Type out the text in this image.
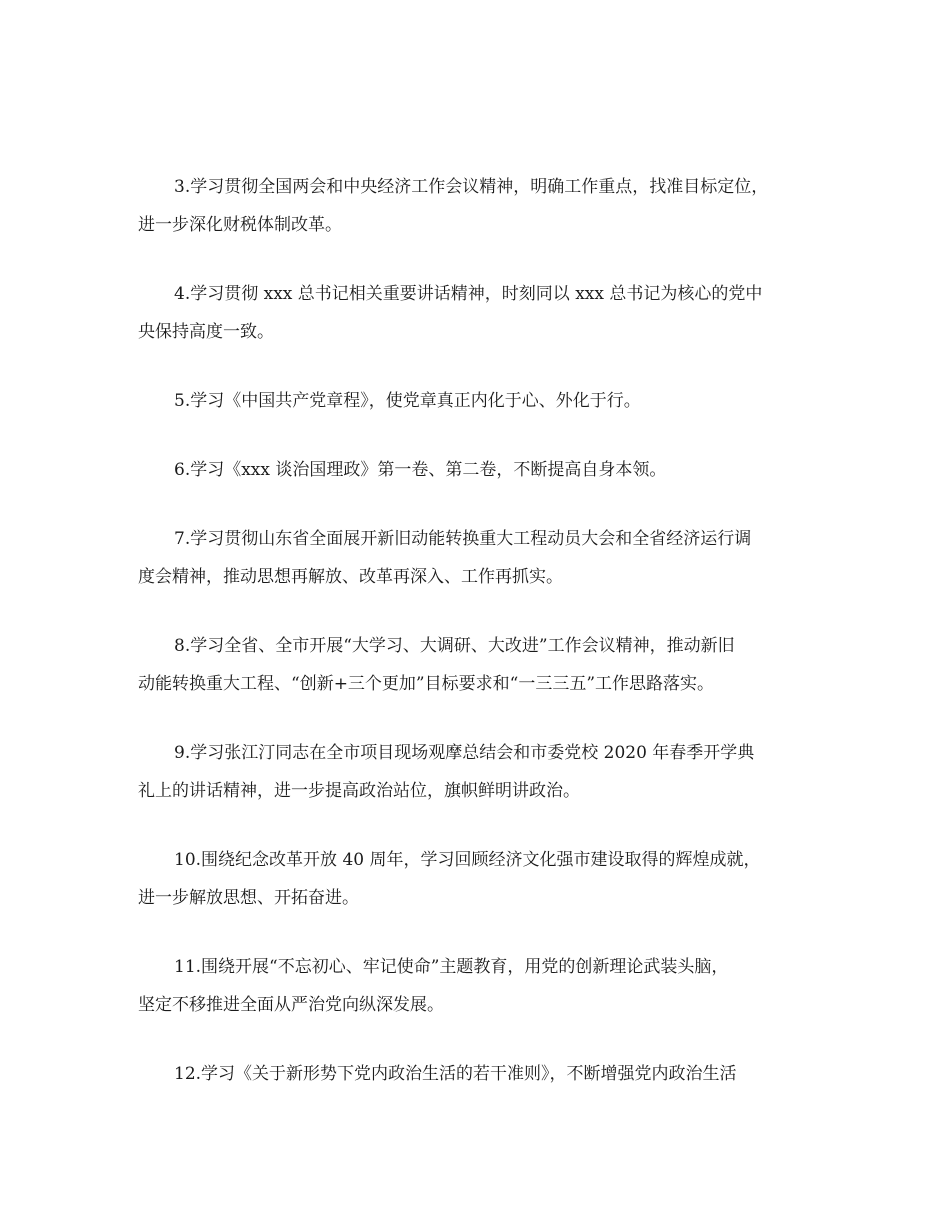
3.学习贯彻全国两会和中央经济工作会议精神，明确工作重点，找准目标定位，
进一步深化财税体制改革。

4.学习贯彻 xxx 总书记相关重要讲话精神，时刻同以 xxx 总书记为核心的党中
央保持高度一致。

5.学习《中国共产党章程》，使党章真正内化于心、外化于行。

6.学习《xxx 谈治国理政》第一卷、第二卷，不断提高自身本领。

7.学习贯彻山东省全面展开新旧动能转换重大工程动员大会和全省经济运行调
度会精神，推动思想再解放、改革再深入、工作再抓实。

8.学习全省、全市开展“大学习、大调研、大改进”工作会议精神，推动新旧
动能转换重大工程、“创新+三个更加”目标要求和“一三三五”工作思路落实。

9.学习张江汀同志在全市项目现场观摩总结会和市委党校 2020 年春季开学典
礼上的讲话精神，进一步提高政治站位，旗帜鲜明讲政治。

10.围绕纪念改革开放 40 周年，学习回顾经济文化强市建设取得的辉煌成就，
进一步解放思想、开拓奋进。

11.围绕开展“不忘初心、牢记使命”主题教育，用党的创新理论武装头脑，
坚定不移推进全面从严治党向纵深发展。

12.学习《关于新形势下党内政治生活的若干准则》，不断增强党内政治生活
